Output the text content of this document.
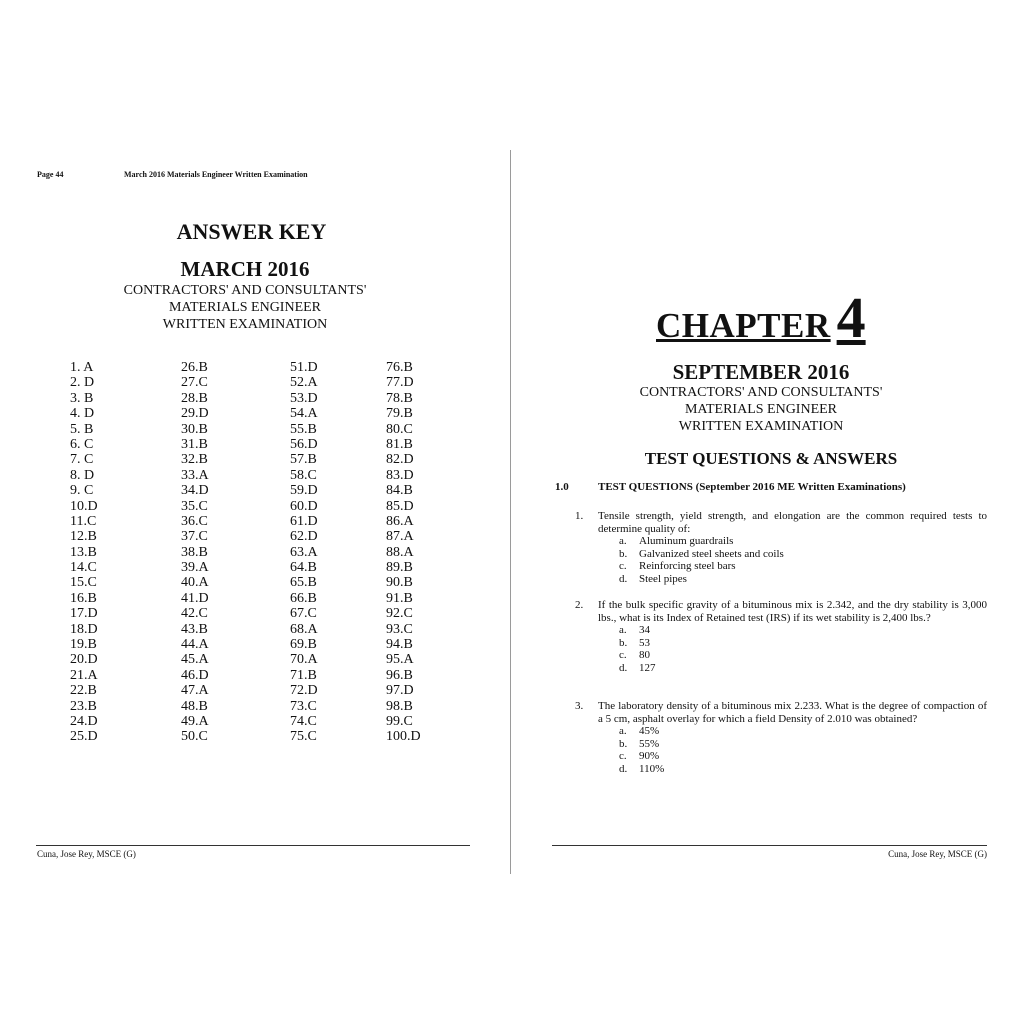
Page 44	March 2016 Materials Engineer Written Examination
ANSWER KEY
MARCH 2016
CONTRACTORS' AND CONSULTANTS'
MATERIALS ENGINEER
WRITTEN EXAMINATION
1. A
2. D
3. B
4. D
5. B
6. C
7. C
8. D
9. C
10.D
11.C
12.B
13.B
14.C
15.C
16.B
17.D
18.D
19.B
20.D
21.A
22.B
23.B
24.D
25.D
26.B
27.C
28.B
29.D
30.B
31.B
32.B
33.A
34.D
35.C
36.C
37.C
38.B
39.A
40.A
41.D
42.C
43.B
44.A
45.A
46.D
47.A
48.B
49.A
50.C
51.D
52.A
53.D
54.A
55.B
56.D
57.B
58.C
59.D
60.D
61.D
62.D
63.A
64.B
65.B
66.B
67.C
68.A
69.B
70.A
71.B
72.D
73.C
74.C
75.C
76.B
77.D
78.B
79.B
80.C
81.B
82.D
83.D
84.B
85.D
86.A
87.A
88.A
89.B
90.B
91.B
92.C
93.C
94.B
95.A
96.B
97.D
98.B
99.C
100.D
Cuna, Jose Rey, MSCE (G)
CHAPTER 4
SEPTEMBER 2016
CONTRACTORS' AND CONSULTANTS'
MATERIALS ENGINEER
WRITTEN EXAMINATION
TEST QUESTIONS & ANSWERS
1.0	TEST QUESTIONS (September 2016 ME Written Examinations)
1. Tensile strength, yield strength, and elongation are the common required tests to determine quality of:
a. Aluminum guardrails
b. Galvanized steel sheets and coils
c. Reinforcing steel bars
d. Steel pipes
2. If the bulk specific gravity of a bituminous mix is 2.342, and the dry stability is 3,000 lbs., what is its Index of Retained test (IRS) if its wet stability is 2,400 lbs.?
a. 34
b. 53
c. 80
d. 127
3. The laboratory density of a bituminous mix 2.233. What is the degree of compaction of a 5 cm, asphalt overlay for which a field Density of 2.010 was obtained?
a. 45%
b. 55%
c. 90%
d. 110%
Cuna, Jose Rey, MSCE (G)
